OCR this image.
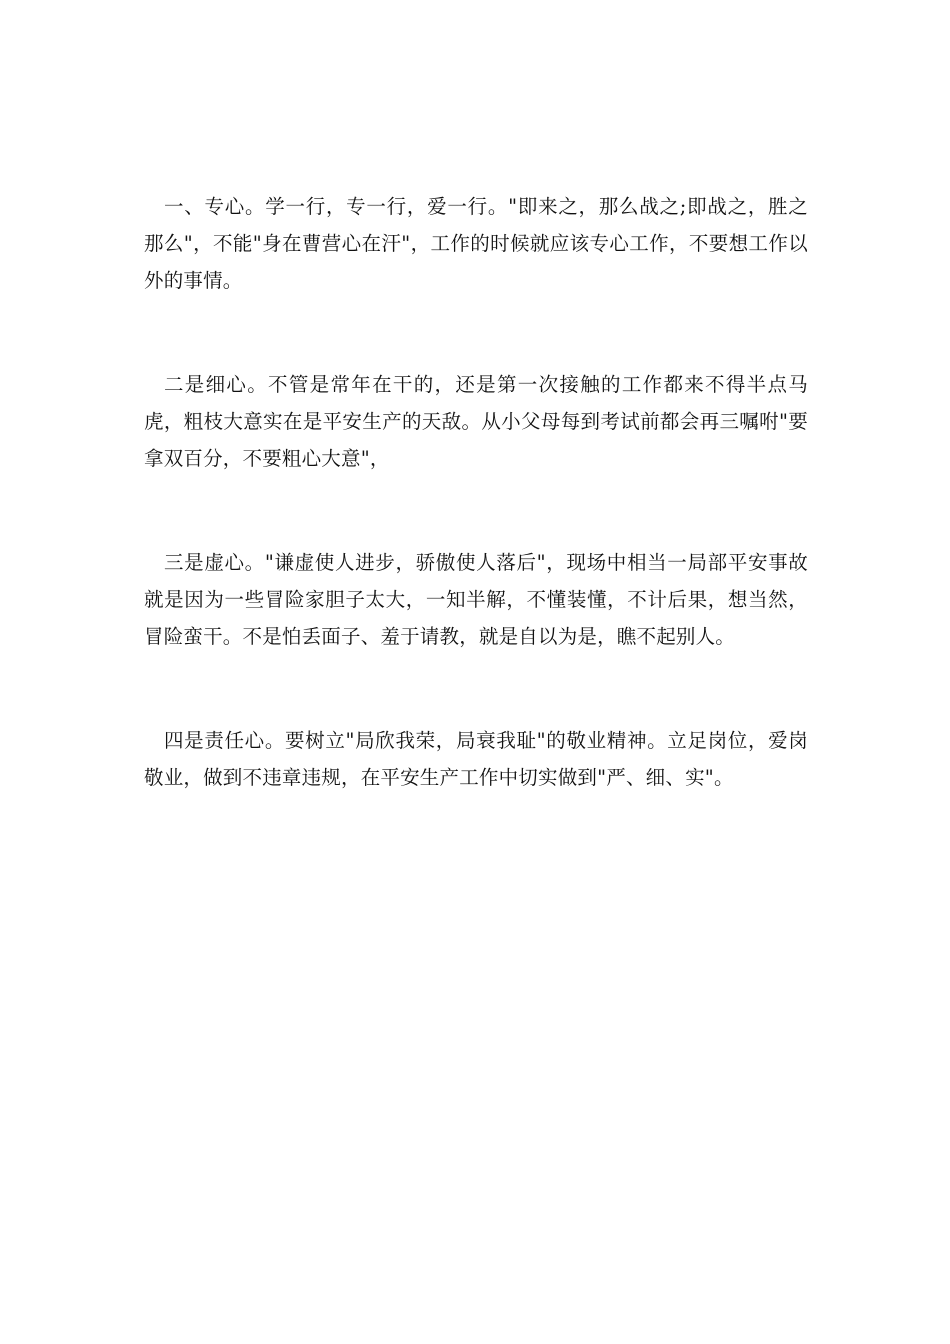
一、专心。学一行，专一行，爱一行。"即来之，那么战之;即战之，胜之那么"，不能"身在曹营心在汗"，工作的时候就应该专心工作，不要想工作以外的事情。

二是细心。不管是常年在干的，还是第一次接触的工作都来不得半点马虎，粗枝大意实在是平安生产的天敌。从小父母每到考试前都会再三嘱咐"要拿双百分，不要粗心大意"，

三是虚心。"谦虚使人进步，骄傲使人落后"，现场中相当一局部平安事故就是因为一些冒险家胆子太大，一知半解，不懂装懂，不计后果，想当然，冒险蛮干。不是怕丢面子、羞于请教，就是自以为是，瞧不起别人。

四是责任心。要树立"局欣我荣，局衰我耻"的敬业精神。立足岗位，爱岗敬业，做到不违章违规，在平安生产工作中切实做到"严、细、实"。
